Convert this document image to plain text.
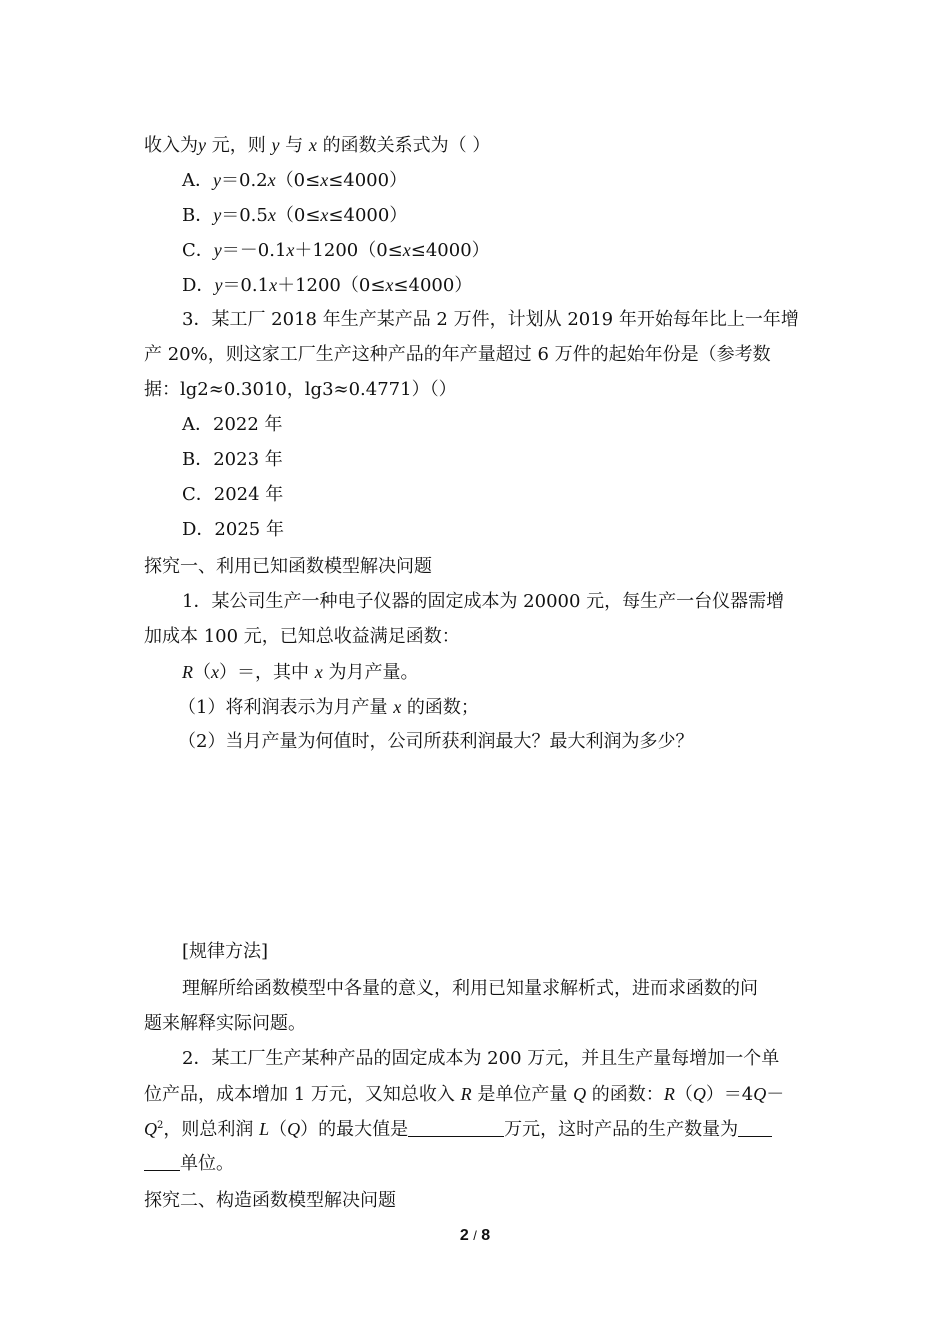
收入为y 元，则 y 与 x 的函数关系式为（ ）
A．y＝0.2x（0≤x≤4000）
B．y＝0.5x（0≤x≤4000）
C．y＝－0.1x＋1200（0≤x≤4000）
D．y＝0.1x＋1200（0≤x≤4000）
3．某工厂 2018 年生产某产品 2 万件，计划从 2019 年开始每年比上一年增
产 20%，则这家工厂生产这种产品的年产量超过 6 万件的起始年份是（参考数
据：lg2≈0.3010，lg3≈0.4771）（）
A．2022 年
B．2023 年
C．2024 年
D．2025 年
探究一、利用已知函数模型解决问题
1．某公司生产一种电子仪器的固定成本为 20000 元，每生产一台仪器需增
加成本 100 元，已知总收益满足函数：
R（x）＝，其中 x 为月产量。
（1）将利润表示为月产量 x 的函数；
（2）当月产量为何值时，公司所获利润最大？最大利润为多少？
[规律方法]
理解所给函数模型中各量的意义，利用已知量求解析式，进而求函数的问
题来解释实际问题。
2．某工厂生产某种产品的固定成本为 200 万元，并且生产量每增加一个单
位产品，成本增加 1 万元，又知总收入 R 是单位产量 Q 的函数：R（Q）＝4Q－
$Q^2$，则总利润 L（Q）的最大值是	万元，这时产品的生产数量为
单位。
探究二、构造函数模型解决问题
2 / 8
